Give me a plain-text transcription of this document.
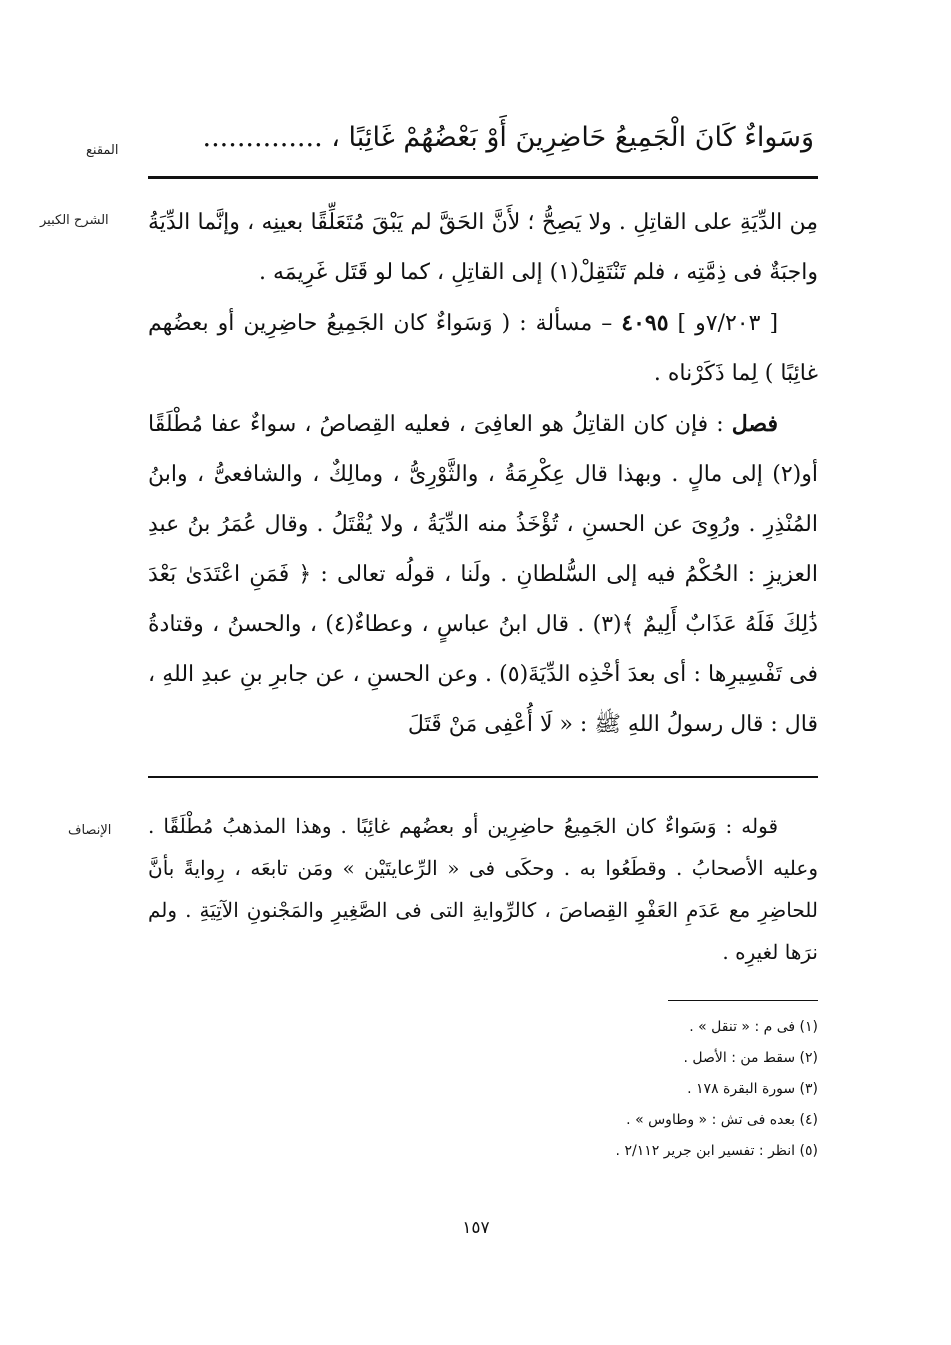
المقنع	وَسَواءٌ كَانَ الْجَمِيعُ حَاضِرِينَ أَوْ بَعْضُهُمْ غَائِبًا ، ..............
الشرح الكبير مِن الدِّيَةِ على القاتِلِ . ولا يَصِحُّ ؛ لأَنَّ الحَقَّ لم يَبْقَ مُتَعَلِّقًا بعينِه ، وإنَّما الدِّيَةُ واجبَةٌ فى ذِمَّتِه ، فلم تَنْتَقِلْ(١) إلى القاتِلِ ، كما لو قَتَل غَرِيمَه .

[ ٧/٢٠٣و ] ٤٠٩٥ – مسألة : ( وَسَواءٌ كان الجَمِيعُ حاضِرِين أو بعضُهم غائِبًا ) لِما ذَكَرْناه .

فصل : فإن كان القاتِلُ هو العافِىَ ، فعليه القِصاصُ ، سواءٌ عفا مُطْلَقًا أو(٢) إلى مالٍ . وبهذا قال عِكْرِمَةُ ، والثَّوْرِىُّ ، ومالِكٌ ، والشافعىُّ ، وابنُ المُنْذِرِ . ورُوِىَ عن الحسنِ ، تُؤْخَذُ منه الدِّيَةُ ، ولا يُقْتَلُ . وقال عُمَرُ بنُ عبدِ العزيزِ : الحُكْمُ فيه إلى السُّلطانِ . ولَنا ، قولُه تعالى : ﴿ فَمَنِ اعْتَدَىٰ بَعْدَ ذَٰلِكَ فَلَهُ عَذَابٌ أَلِيمٌ ﴾(٣) . قال ابنُ عباسٍ ، وعطاءٌ(٤) ، والحسنُ ، وقتادةُ فى تَفْسِيرِها : أى بعدَ أخْذِه الدِّيَةَ(٥) . وعن الحسنِ ، عن جابرِ بنِ عبدِ اللهِ ، قال : قال رسولُ اللهِ ﷺ : « لَا أُعْفِى مَنْ قَتَلَ

الإنصاف قوله : وَسَواءٌ كان الجَمِيعُ حاضِرِين أو بعضُهم غائِبًا . وهذا المذهبُ مُطْلَقًا . وعليه الأصحابُ . وقطَعُوا به . وحكَى فى « الرِّعايتَيْن » ومَن تابعَه ، رِوايةً بأنَّ للحاضِرِ مع عَدَمِ العَفْوِ القِصاصَ ، كالرِّوايةِ التى فى الصَّغِيرِ والمَجْنونِ الآتِيَةِ . ولم نرَها لغيرِه .

(١) فى م : « تنقل » .

(٢) سقط من : الأصل .

(٣) سورة البقرة ١٧٨ .

(٤) بعده فى تش : « وطاوس » .

(٥) انظر : تفسير ابن جرير ٢/١١٢ .

١٥٧
